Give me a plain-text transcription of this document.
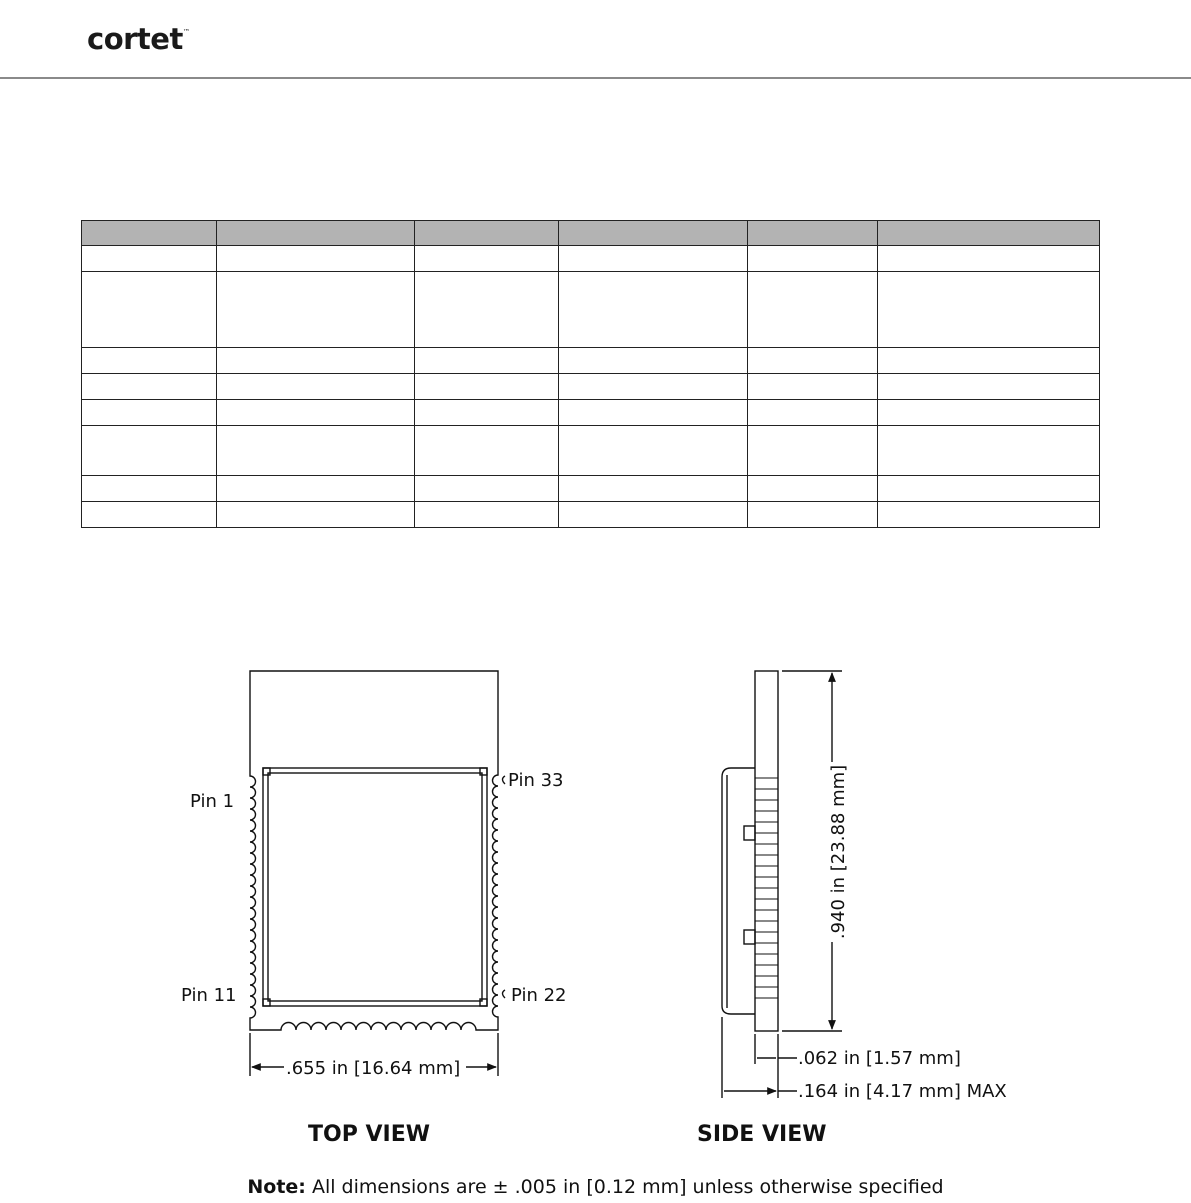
cortet™

Pin 1
Pin 11
Pin 33
Pin 22
.655 in [16.64 mm]
TOP VIEW
.940 in [23.88 mm]
.062 in [1.57 mm]
.164 in [4.17 mm] MAX
SIDE VIEW
Note: All dimensions are ± .005 in [0.12 mm] unless otherwise specified
